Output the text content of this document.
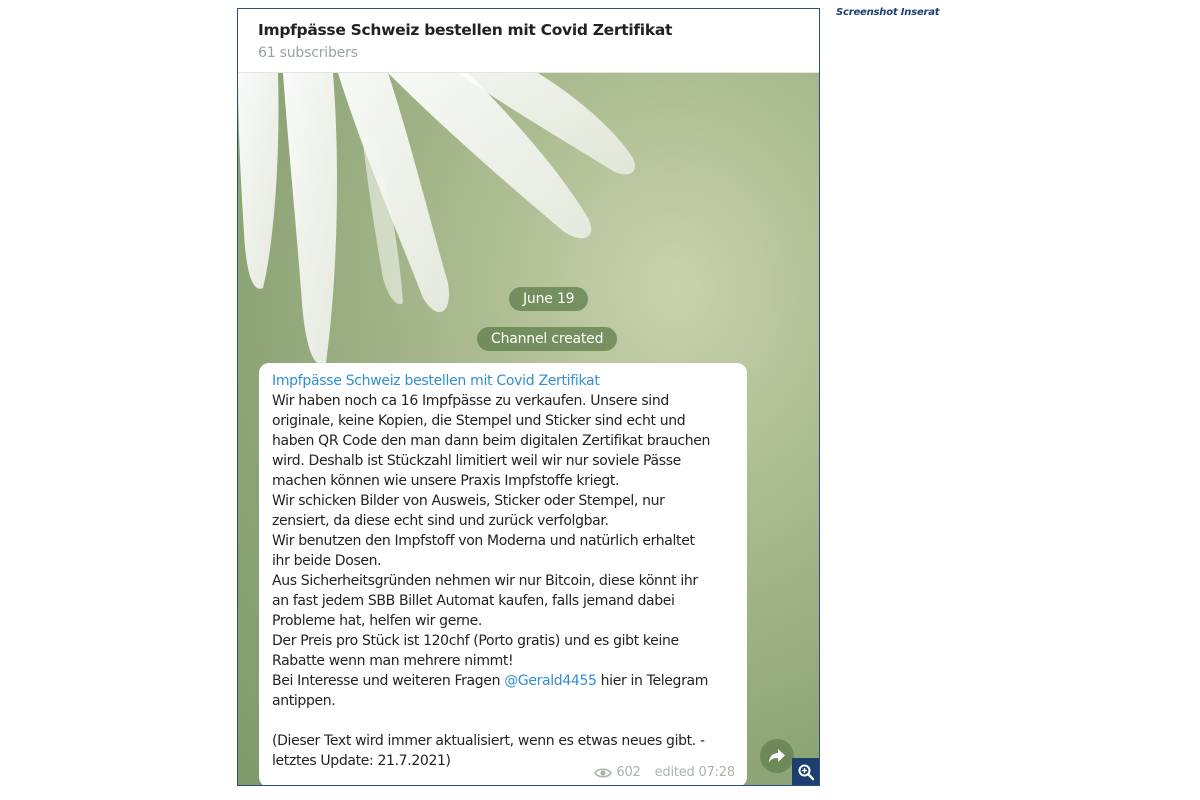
Screenshot Inserat
Impfpässe Schweiz bestellen mit Covid Zertifikat
61 subscribers
June 19
Channel created
Impfpässe Schweiz bestellen mit Covid Zertifikat
Wir haben noch ca 16 Impfpässe zu verkaufen. Unsere sind
originale, keine Kopien, die Stempel und Sticker sind echt und
haben QR Code den man dann beim digitalen Zertifikat brauchen
wird. Deshalb ist Stückzahl limitiert weil wir nur soviele Pässe
machen können wie unsere Praxis Impfstoffe kriegt.
Wir schicken Bilder von Ausweis, Sticker oder Stempel, nur
zensiert, da diese echt sind und zurück verfolgbar.
Wir benutzen den Impfstoff von Moderna und natürlich erhaltet
ihr beide Dosen.
Aus Sicherheitsgründen nehmen wir nur Bitcoin, diese könnt ihr
an fast jedem SBB Billet Automat kaufen, falls jemand dabei
Probleme hat, helfen wir gerne.
Der Preis pro Stück ist 120chf (Porto gratis) und es gibt keine
Rabatte wenn man mehrere nimmt!
Bei Interesse und weiteren Fragen @Gerald4455 hier in Telegram
antippen.
(Dieser Text wird immer aktualisiert, wenn es etwas neues gibt. -
letztes Update: 21.7.2021)
602 edited 07:28
